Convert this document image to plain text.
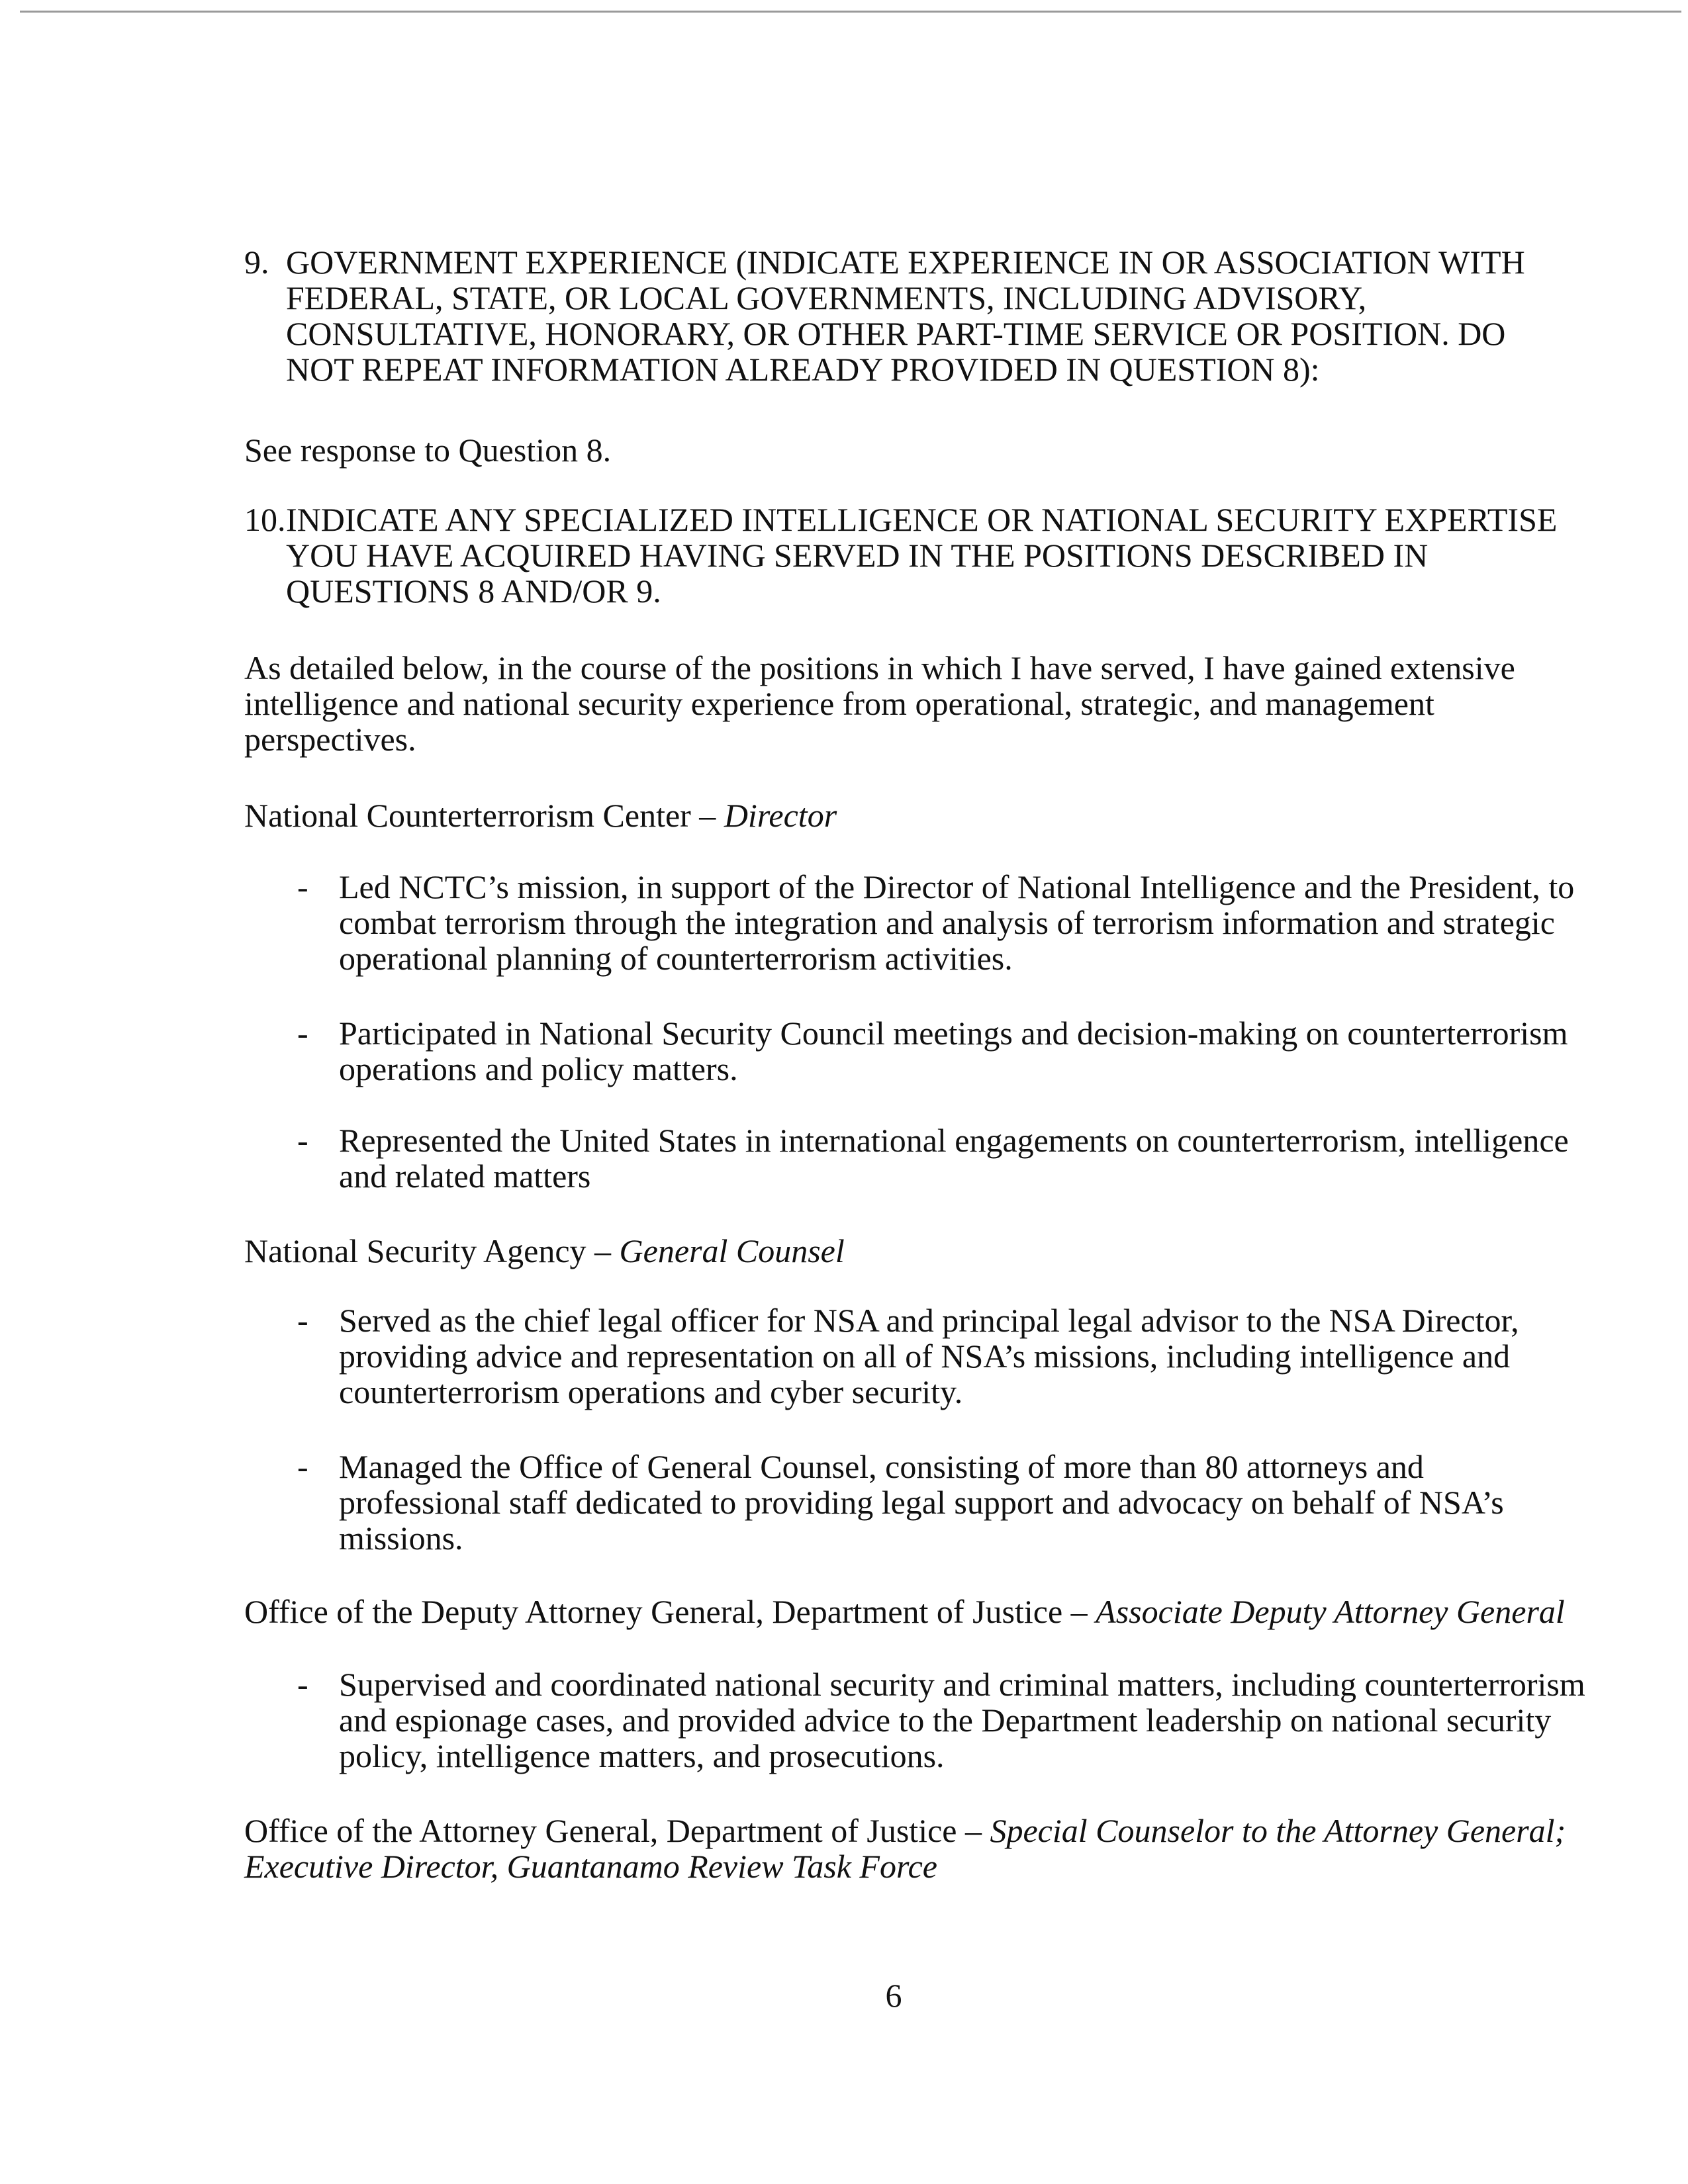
9. GOVERNMENT EXPERIENCE (INDICATE EXPERIENCE IN OR ASSOCIATION WITH
FEDERAL, STATE, OR LOCAL GOVERNMENTS, INCLUDING ADVISORY,
CONSULTATIVE, HONORARY, OR OTHER PART-TIME SERVICE OR POSITION. DO
NOT REPEAT INFORMATION ALREADY PROVIDED IN QUESTION 8):
See response to Question 8.
10. INDICATE ANY SPECIALIZED INTELLIGENCE OR NATIONAL SECURITY EXPERTISE
YOU HAVE ACQUIRED HAVING SERVED IN THE POSITIONS DESCRIBED IN
QUESTIONS 8 AND/OR 9.
As detailed below, in the course of the positions in which I have served, I have gained extensive
intelligence and national security experience from operational, strategic, and management
perspectives.
National Counterterrorism Center – Director
- Led NCTC’s mission, in support of the Director of National Intelligence and the President, to
combat terrorism through the integration and analysis of terrorism information and strategic
operational planning of counterterrorism activities.
- Participated in National Security Council meetings and decision-making on counterterrorism
operations and policy matters.
- Represented the United States in international engagements on counterterrorism, intelligence
and related matters
National Security Agency – General Counsel
- Served as the chief legal officer for NSA and principal legal advisor to the NSA Director,
providing advice and representation on all of NSA’s missions, including intelligence and
counterterrorism operations and cyber security.
- Managed the Office of General Counsel, consisting of more than 80 attorneys and
professional staff dedicated to providing legal support and advocacy on behalf of NSA’s
missions.
Office of the Deputy Attorney General, Department of Justice – Associate Deputy Attorney General
- Supervised and coordinated national security and criminal matters, including counterterrorism
and espionage cases, and provided advice to the Department leadership on national security
policy, intelligence matters, and prosecutions.
Office of the Attorney General, Department of Justice – Special Counselor to the Attorney General;
Executive Director, Guantanamo Review Task Force
6
